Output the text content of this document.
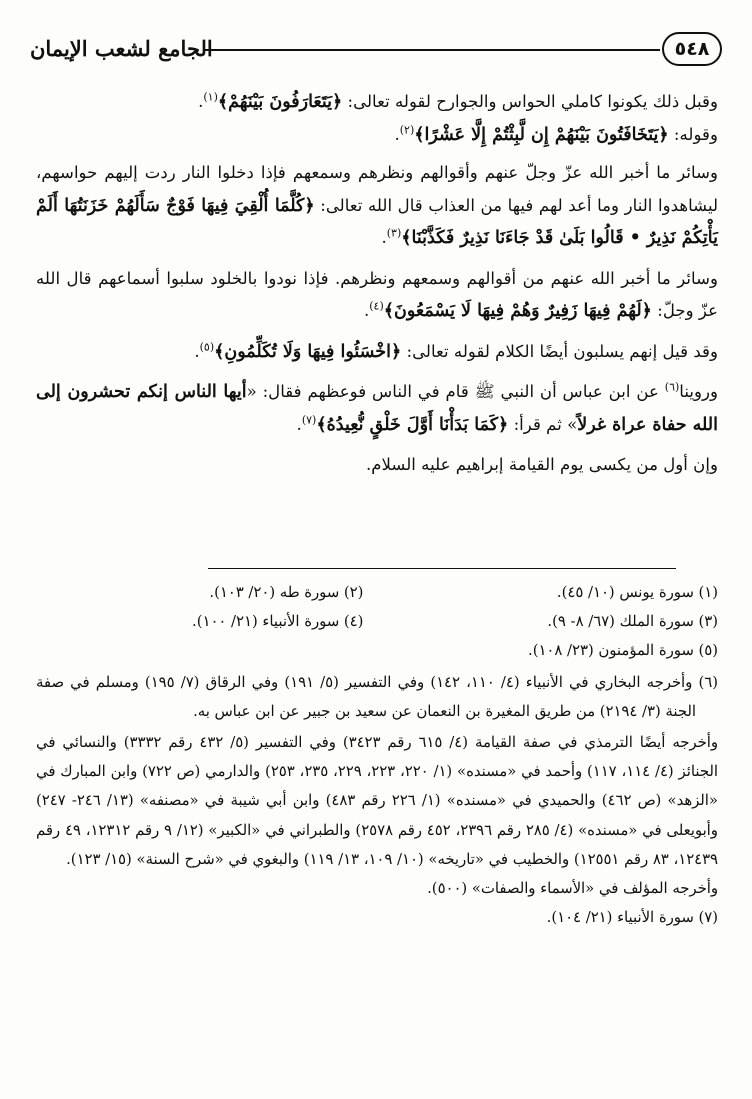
٥٤٨
الجامع لشعب الإيمان

وقبل ذلك يكونوا كاملي الحواس والجوارح لقوله تعالى: ﴿يَتَعَارَفُونَ بَيْنَهُمْ﴾$^{(١)}$.
وقوله: ﴿يَتَخَافَتُونَ بَيْنَهُمْ إِن لَّبِثْتُمْ إِلَّا عَشْرًا﴾$^{(٢)}$.

وسائر ما أخبر الله عزّ وجلّ عنهم وأقوالهم ونظرهم وسمعهم فإذا دخلوا النار ردت إليهم حواسهم، ليشاهدوا النار وما أعد لهم فيها من العذاب قال الله تعالى: ﴿كُلَّمَا أُلْقِيَ فِيهَا فَوْجٌ سَأَلَهُمْ خَزَنَتُهَا أَلَمْ يَأْتِكُمْ نَذِيرٌ • قَالُوا بَلَىٰ قَدْ جَاءَنَا نَذِيرٌ فَكَذَّبْنَا﴾$^{(٣)}$.

وسائر ما أخبر الله عنهم من أقوالهم وسمعهم ونظرهم. فإذا نودوا بالخلود سلبوا أسماعهم قال الله عزّ وجلّ: ﴿لَهُمْ فِيهَا زَفِيرٌ وَهُمْ فِيهَا لَا يَسْمَعُونَ﴾$^{(٤)}$.

وقد قيل إنهم يسلبون أيضًا الكلام لقوله تعالى: ﴿اخْسَئُوا فِيهَا وَلَا تُكَلِّمُونِ﴾$^{(٥)}$.

وروينا$^{(٦)}$ عن ابن عباس أن النبي ﷺ قام في الناس فوعظهم فقال: «أيها الناس إنكم تحشرون إلى الله حفاة عراة غرلاً» ثم قرأ: ﴿كَمَا بَدَأْنَا أَوَّلَ خَلْقٍ نُّعِيدُهُ﴾$^{(٧)}$.

وإن أول من يكسى يوم القيامة إبراهيم عليه السلام.

(١) سورة يونس (١٠/ ٤٥).
(٢) سورة طه (٢٠/ ١٠٣).
(٣) سورة الملك (٦٧/ ٨- ٩).
(٤) سورة الأنبياء (٢١/ ١٠٠).

(٥) سورة المؤمنون (٢٣/ ١٠٨).

(٦) وأخرجه البخاري في الأنبياء (٤/ ١١٠، ١٤٢) وفي التفسير (٥/ ١٩١) وفي الرقاق (٧/ ١٩٥) ومسلم في صفة الجنة (٣/ ٢١٩٤) من طريق المغيرة بن النعمان عن سعيد بن جبير عن ابن عباس به.

وأخرجه أيضًا الترمذي في صفة القيامة (٤/ ٦١٥ رقم ٣٤٢٣) وفي التفسير (٥/ ٤٣٢ رقم ٣٣٣٢) والنسائي في الجنائز (٤/ ١١٤، ١١٧) وأحمد في «مسنده» (١/ ٢٢٠، ٢٢٣، ٢٢٩، ٢٣٥، ٢٥٣) والدارمي (ص ٧٢٢) وابن المبارك في «الزهد» (ص ٤٦٢) والحميدي في «مسنده» (١/ ٢٢٦ رقم ٤٨٣) وابن أبي شيبة في «مصنفه» (١٣/ ٢٤٦- ٢٤٧) وأبويعلى في «مسنده» (٤/ ٢٨٥ رقم ٢٣٩٦، ٤٥٢ رقم ٢٥٧٨) والطبراني في «الكبير» (١٢/ ٩ رقم ١٢٣١٢، ٤٩ رقم ١٢٤٣٩، ٨٣ رقم ١٢٥٥١) والخطيب في «تاريخه» (١٠/ ١٠٩، ١٣/ ١١٩) والبغوي في «شرح السنة» (١٥/ ١٢٣).

وأخرجه المؤلف في «الأسماء والصفات» (٥٠٠).

(٧) سورة الأنبياء (٢١/ ١٠٤).
